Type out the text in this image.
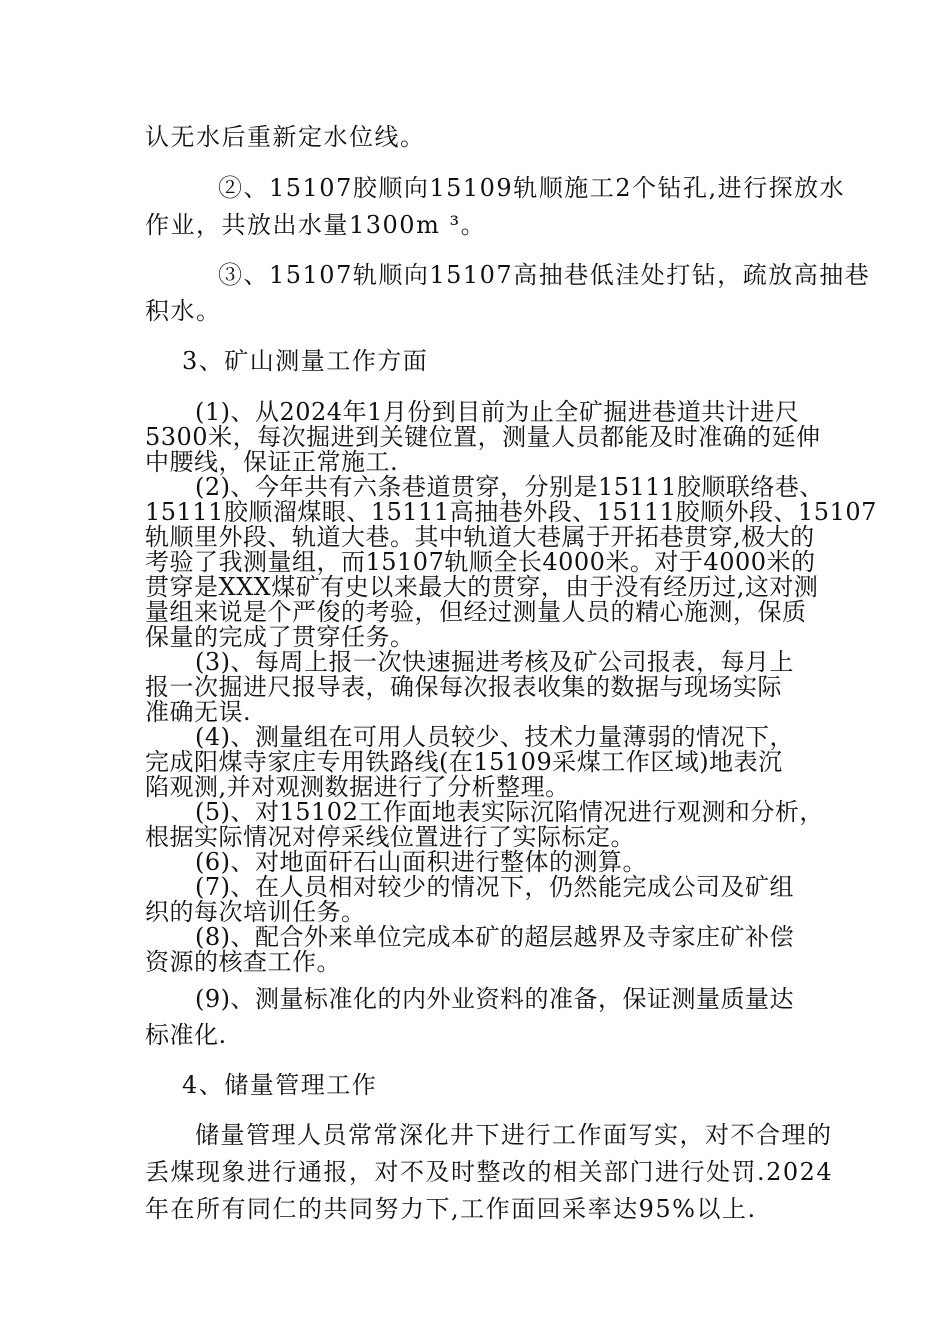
认无水后重新定水位线。
②、15107胶顺向15109轨顺施工2个钻孔,进行探放水
作业，共放出水量1300m ³。
③、15107轨顺向15107高抽巷低洼处打钻，疏放高抽巷
积水。
3、矿山测量工作方面
(1)、从2024年1月份到目前为止全矿掘进巷道共计进尺
5300米，每次掘进到关键位置，测量人员都能及时准确的延伸
中腰线，保证正常施工.
(2)、今年共有六条巷道贯穿，分别是15111胶顺联络巷、
15111胶顺溜煤眼、15111高抽巷外段、15111胶顺外段、15107
轨顺里外段、轨道大巷。其中轨道大巷属于开拓巷贯穿,极大的
考验了我测量组，而15107轨顺全长4000米。对于4000米的
贯穿是XXX煤矿有史以来最大的贯穿，由于没有经历过,这对测
量组来说是个严俊的考验，但经过测量人员的精心施测，保质
保量的完成了贯穿任务。
(3)、每周上报一次快速掘进考核及矿公司报表，每月上
报一次掘进尺报导表，确保每次报表收集的数据与现场实际
准确无误.
(4)、测量组在可用人员较少、技术力量薄弱的情况下，
完成阳煤寺家庄专用铁路线(在15109采煤工作区域)地表沉
陷观测,并对观测数据进行了分析整理。
(5)、对15102工作面地表实际沉陷情况进行观测和分析，
根据实际情况对停采线位置进行了实际标定。
(6)、对地面矸石山面积进行整体的测算。
(7)、在人员相对较少的情况下，仍然能完成公司及矿组
织的每次培训任务。
(8)、配合外来单位完成本矿的超层越界及寺家庄矿补偿
资源的核查工作。
(9)、测量标准化的内外业资料的准备，保证测量质量达
标准化.
4、储量管理工作
储量管理人员常常深化井下进行工作面写实，对不合理的
丢煤现象进行通报，对不及时整改的相关部门进行处罚.2024
年在所有同仁的共同努力下,工作面回采率达95%以上.
